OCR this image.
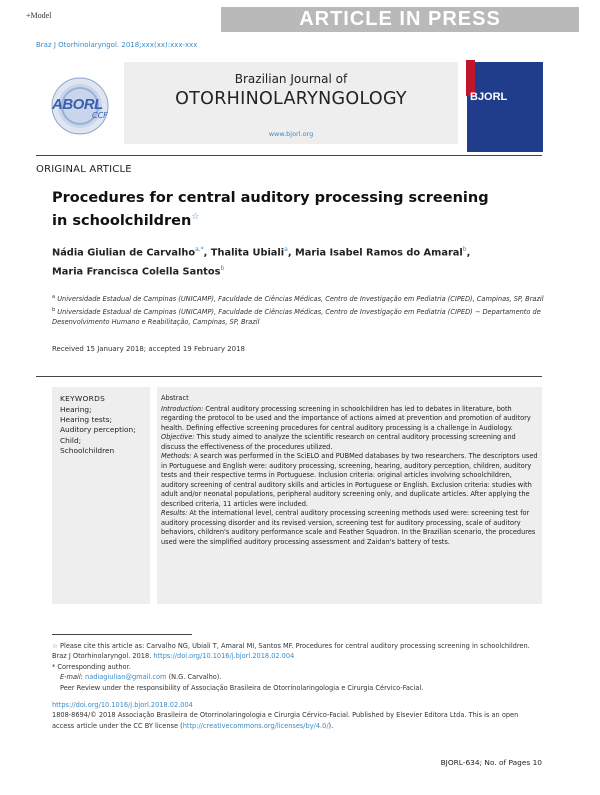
+Model	ARTICLE IN PRESS
Braz J Otorhinolaryngol. 2018;xxx(xx):xxx-xxx
ABORL
CCF
Brazilian Journal of
OTORHINOLARYNGOLOGY
www.bjorl.org
BJORL
ORIGINAL ARTICLE
Procedures for central auditory processing screening
in schoolchildren☆
Nádia Giulian de Carvalho$^{a,*}$, Thalita Ubiali$^a$, Maria Isabel Ramos do Amaral$^b$,
Maria Francisca Colella Santos$^b$
$^a$ Universidade Estadual de Campinas (UNICAMP), Faculdade de Ciências Médicas, Centro de Investigação em Pediatria (CIPED), Campinas, SP, Brazil
$^b$ Universidade Estadual de Campinas (UNICAMP), Faculdade de Ciências Médicas, Centro de Investigação em Pediatria (CIPED) − Departamento de Desenvolvimento Humano e Reabilitação, Campinas, SP, Brazil
Received 15 January 2018; accepted 19 February 2018
KEYWORDS
Hearing;
Hearing tests;
Auditory perception;
Child;
Schoolchildren
Abstract
Introduction: Central auditory processing screening in schoolchildren has led to debates in literature, both regarding the protocol to be used and the importance of actions aimed at prevention and promotion of auditory health. Defining effective screening procedures for central auditory processing is a challenge in Audiology.
Objective: This study aimed to analyze the scientific research on central auditory processing screening and discuss the effectiveness of the procedures utilized.
Methods: A search was performed in the SciELO and PUBMed databases by two researchers. The descriptors used in Portuguese and English were: auditory processing, screening, hearing, auditory perception, children, auditory tests and their respective terms in Portuguese. Inclusion criteria: original articles involving schoolchildren, auditory screening of central auditory skills and articles in Portuguese or English. Exclusion criteria: studies with adult and/or neonatal populations, peripheral auditory screening only, and duplicate articles. After applying the described criteria, 11 articles were included.
Results: At the international level, central auditory processing screening methods used were: screening test for auditory processing disorder and its revised version, screening test for auditory processing, scale of auditory behaviors, children's auditory performance scale and Feather Squadron. In the Brazilian scenario, the procedures used were the simplified auditory processing assessment and Zaidan's battery of tests.
☆ Please cite this article as: Carvalho NG, Ubiali T, Amaral MI, Santos MF. Procedures for central auditory processing screening in schoolchildren. Braz J Otorhinolaryngol. 2018. https://doi.org/10.1016/j.bjorl.2018.02.004
* Corresponding author.
E-mail: nadiagiulian@gmail.com (N.G. Carvalho).
Peer Review under the responsibility of Associação Brasileira de Otorrinolaringologia e Cirurgia Cérvico-Facial.
https://doi.org/10.1016/j.bjorl.2018.02.004
1808-8694/© 2018 Associação Brasileira de Otorrinolaringologia e Cirurgia Cérvico-Facial. Published by Elsevier Editora Ltda. This is an open access article under the CC BY license (http://creativecommons.org/licenses/by/4.0/).
BJORL-634; No. of Pages 10
